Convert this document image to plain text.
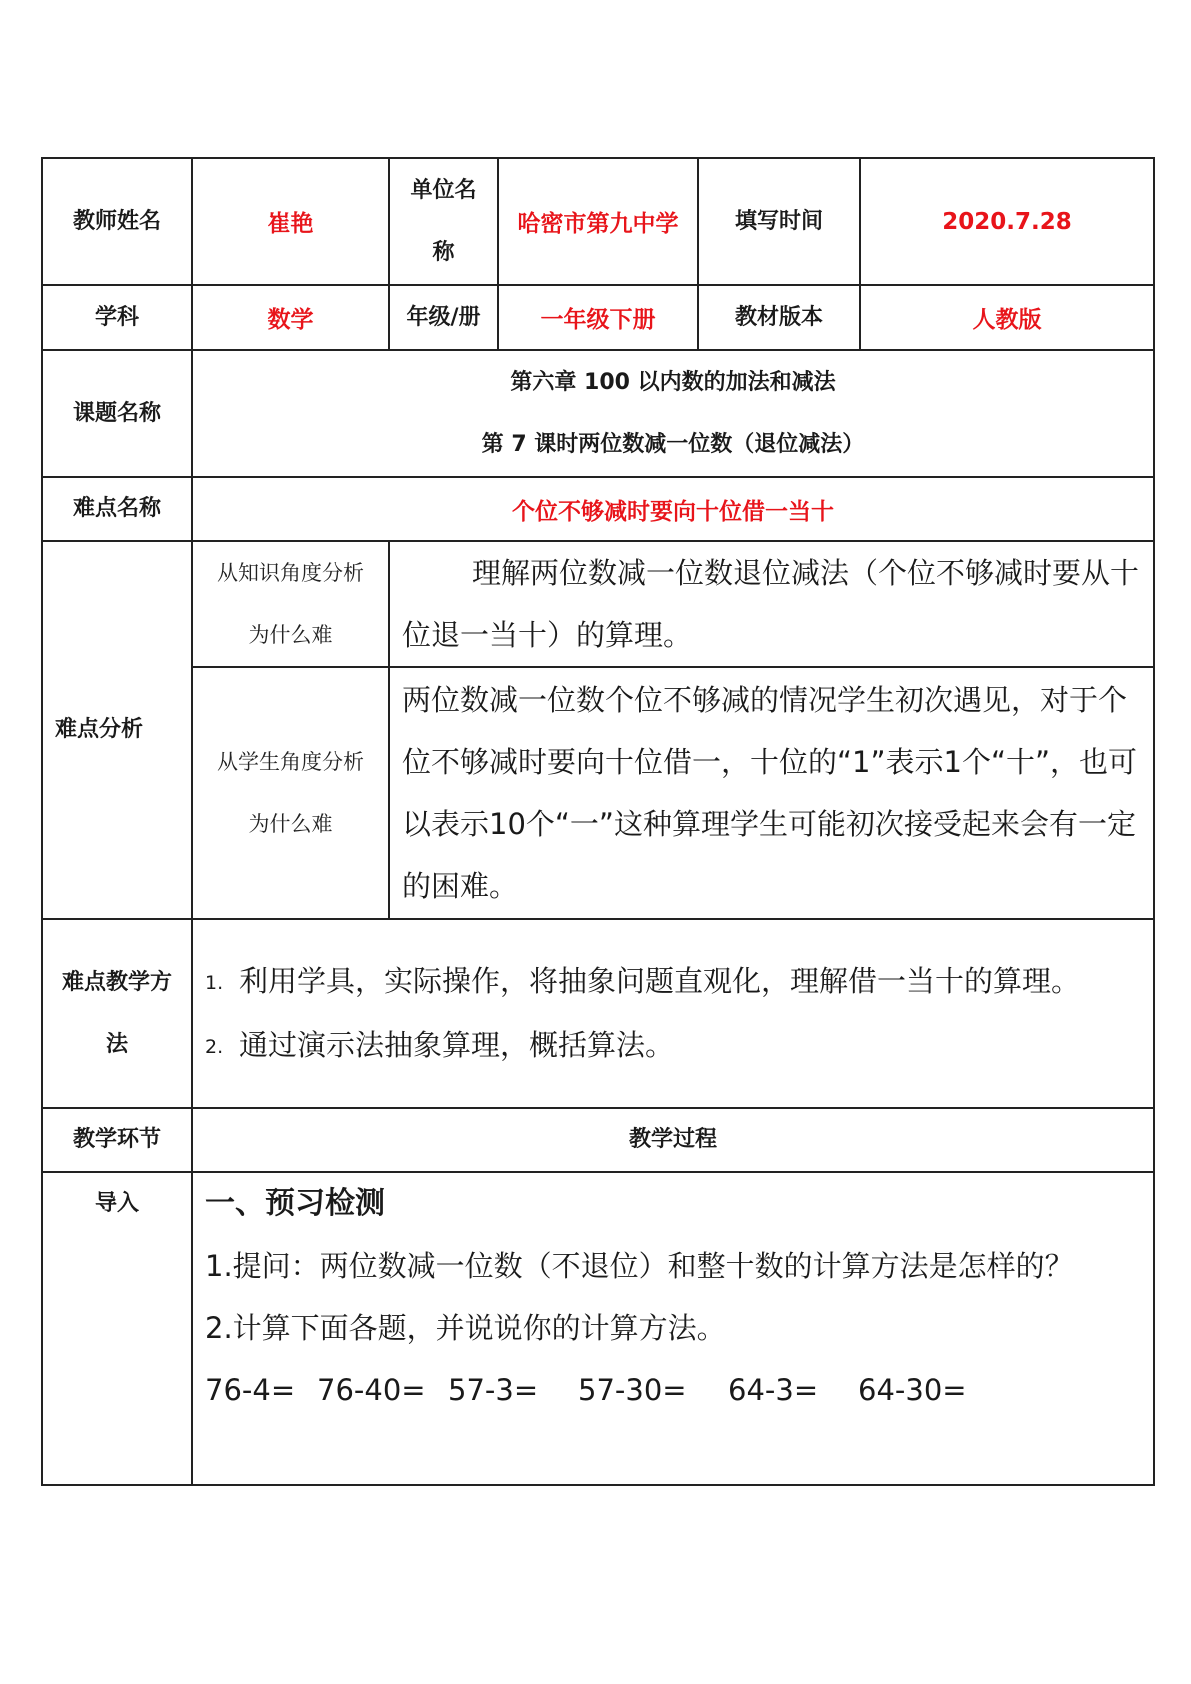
教师姓名	崔艳	单位名称	哈密市第九中学	填写时间	2020.7.28
学科	数学	年级/册	一年级下册	教材版本	人教版
课题名称	第六章 100 以内数的加法和减法
第 7 课时两位数减一位数（退位减法）				

难点名称	个位不够减时要向十位借一当十				
难点分析	从知识角度分析为什么难	理解两位数减一位数退位减法（个位不够减时要从十位退一当十）的算理。			

	从学生角度分析为什么难	两位数减一位数个位不够减的情况学生初次遇见，对于个位不够减时要向十位借一，十位的“1”表示1个“十”，也可以表示10个“一”这种算理学生可能初次接受起来会有一定的困难。			

难点教学方法	1. 利用学具，实际操作，将抽象问题直观化，理解借一当十的算理。
2. 通过演示法抽象算理，概括算法。				

教学环节	教学过程				
导入	一、预习检测
1.提问：两位数减一位数（不退位）和整十数的计算方法是怎样的？
2.计算下面各题，并说说你的计算方法。
76-4= 76-40= 57-3= 57-30= 64-3= 64-30=				
